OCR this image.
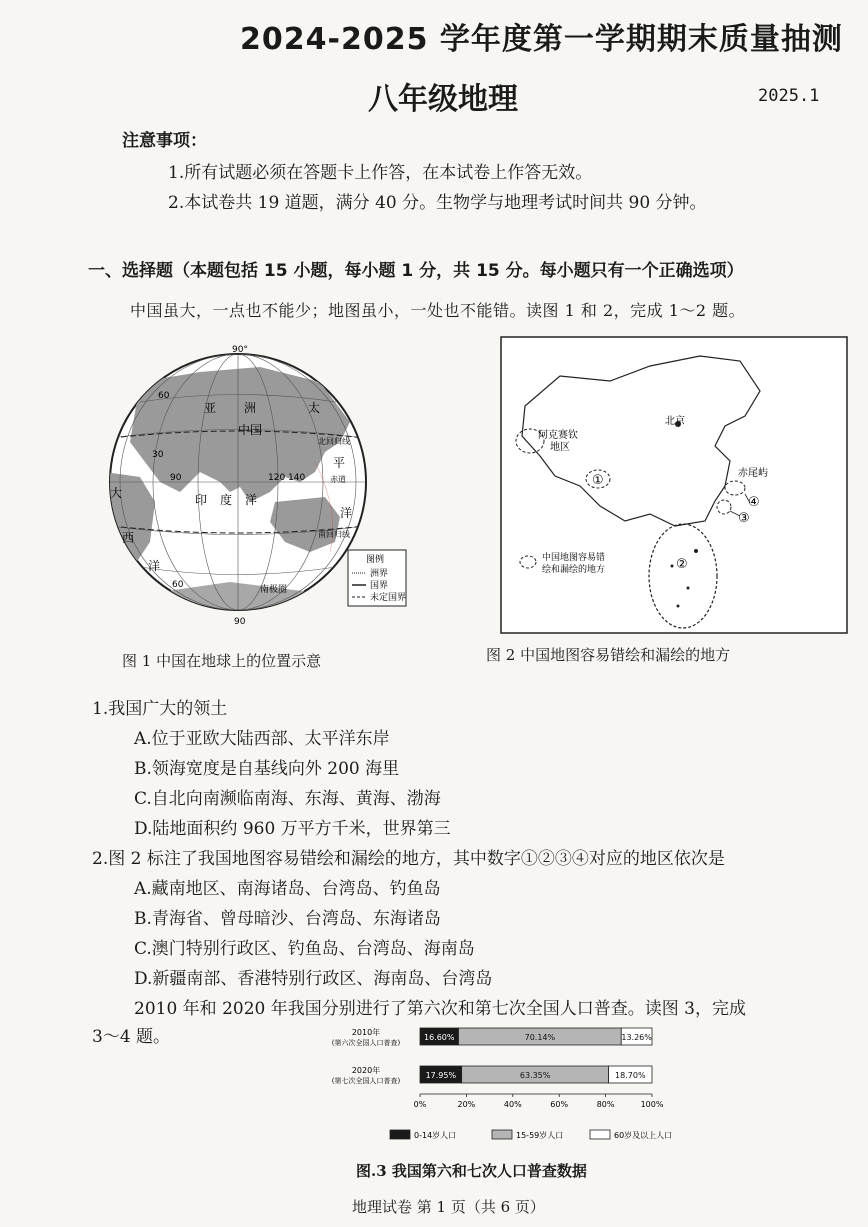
2024-2025 学年度第一学期期末质量抽测
八年级地理	2025.1
注意事项：
1.所有试题必须在答题卡上作答，在本试卷上作答无效。
2.本试卷共 19 道题，满分 40 分。生物学与地理考试时间共 90 分钟。
一、选择题（本题包括 15 小题，每小题 1 分，共 15 分。每小题只有一个正确选项）
中国虽大，一点也不能少；地图虽小，一处也不能错。读图 1 和 2，完成 1～2 题。
90°
90
亚 洲
中国
太
平
洋
北回归线
赤道
南回归线
印 度 洋
大
西
洋
30
60
60
90	120 140
南极圈
图例
洲界
国界
未定国界
图 1 中国在地球上的位置示意
北京
阿克赛钦
地区
赤尾屿
①
②
③
④
中国地图容易错
绘和漏绘的地方
图 2 中国地图容易错绘和漏绘的地方
1.我国广大的领土
A.位于亚欧大陆西部、太平洋东岸
B.领海宽度是自基线向外 200 海里
C.自北向南濒临南海、东海、黄海、渤海
D.陆地面积约 960 万平方千米，世界第三
2.图 2 标注了我国地图容易错绘和漏绘的地方，其中数字①②③④对应的地区依次是
A.藏南地区、南海诸岛、台湾岛、钓鱼岛
B.青海省、曾母暗沙、台湾岛、东海诸岛
C.澳门特别行政区、钓鱼岛、台湾岛、海南岛
D.新疆南部、香港特别行政区、海南岛、台湾岛
2010 年和 2020 年我国分别进行了第六次和第七次全国人口普查。读图 3，完成
3～4 题。	2010年
(第六次全国人口普查)
16.60%	70.14%	13.26%
2020年
(第七次全国人口普查)
17.95%	63.35%	18.70%
0%	20%	40%	60%	80%	100%
0-14岁人口	15-59岁人口	60岁及以上人口
图.3 我国第六和七次人口普查数据
地理试卷 第 1 页（共 6 页）
